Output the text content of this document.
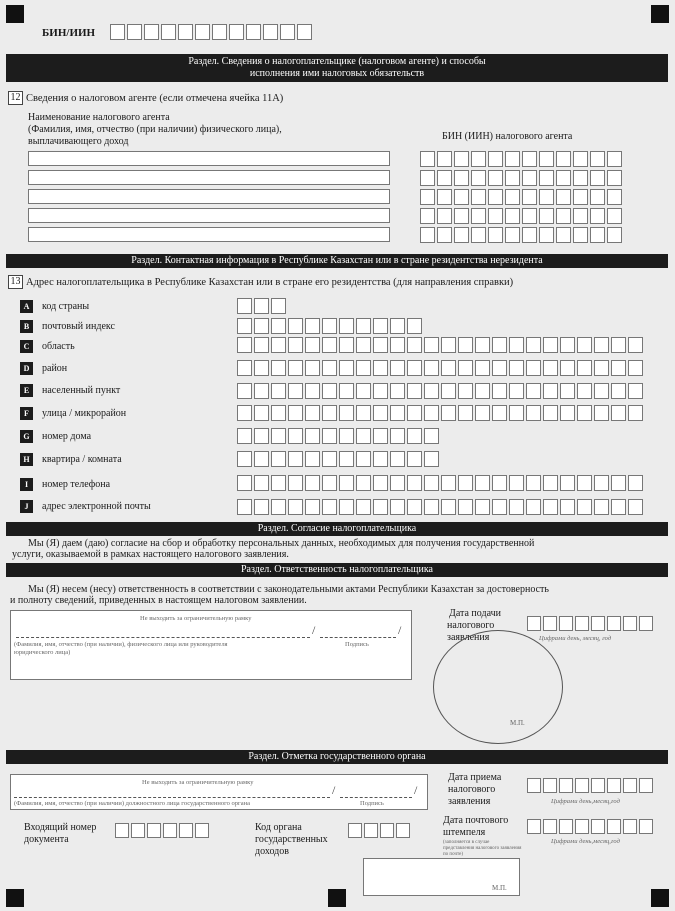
БИН/ИИН
Раздел. Сведения о налогоплательщике (налоговом агенте) и способы
исполнения ими налоговых обязательств
12 Сведения о налоговом агенте (если отмечена ячейка 11А)
Наименование налогового агента
(Фамилия, имя, отчество (при наличии) физического лица),
выплачивающего доход	БИН (ИИН) налогового агента
Раздел. Контактная информация в Республике Казахстан или в стране резидентства нерезидента
13 Адрес налогоплательщика в Республике Казахстан или в стране его резидентства (для направления справки)
A	код страны
B	почтовый индекс
C	область
D	район
E	населенный пункт
F	улица / микрорайон
G	номер дома
H	квартира / комната
I	номер телефона
J	адрес электронной почты
Раздел. Согласие налогоплательщика
Мы (Я) даем (даю) согласие на сбор и обработку персональных данных, необходимых для получения государственной
услуги, оказываемой в рамках настоящего налогового заявления.
Раздел. Ответственность налогоплательщика
Мы (Я) несем (несу) ответственность в соответствии с законодательными актами Республики Казахстан за достоверность
и полноту сведений, приведенных в настоящем налоговом заявлении.
Не выходить за ограничительную рамку
/	/
(Фамилия, имя, отчество (при наличии), физического лица или руководителя
юридического лица)
Подпись
Дата подачи
налогового
заявления	Цифрами день, месяц, год
М.П.
Раздел. Отметка государственного органа
Не выходить за ограничительную рамку
/	/
(Фамилия, имя, отчество (при наличии) должностного лица государственного органа	Подпись
Дата приема
налогового
заявления	Цифрами день,месяц,год
Входящий номер
документа
Код органа
государственных
доходов
Дата почтового
штемпеля
(заполняется в случае
представления налогового заявления
по почте)
Цифрами день,месяц,год
М.П.
